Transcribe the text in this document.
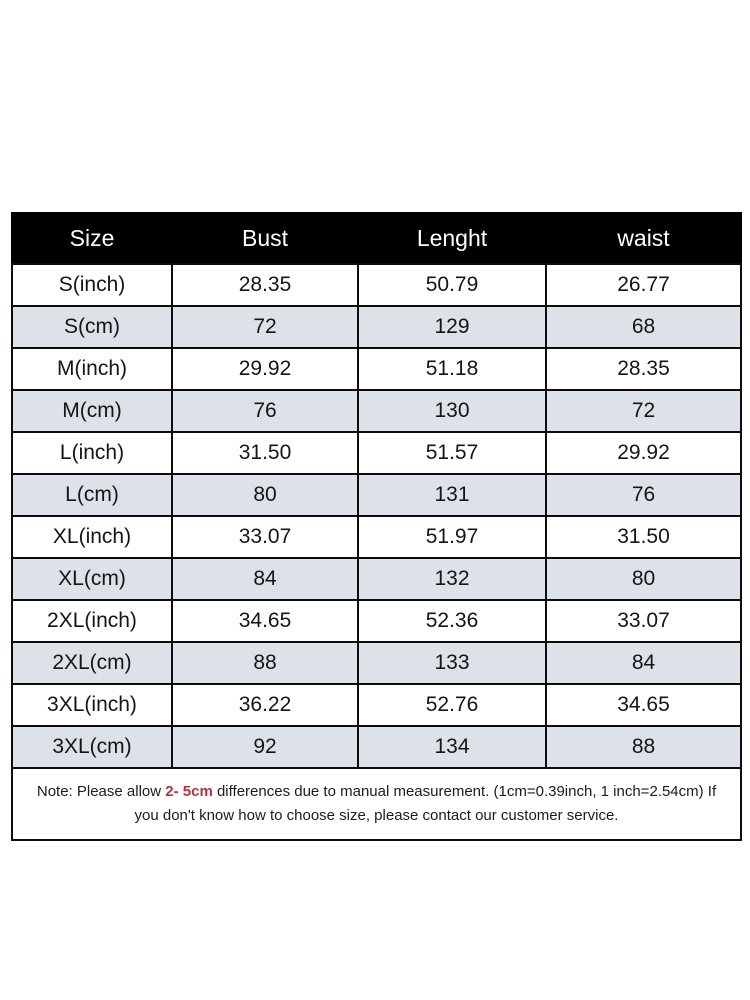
Size	Bust	Lenght	waist
S(inch)	28.35	50.79	26.77
S(cm)	72	129	68
M(inch)	29.92	51.18	28.35
M(cm)	76	130	72
L(inch)	31.50	51.57	29.92
L(cm)	80	131	76
XL(inch)	33.07	51.97	31.50
XL(cm)	84	132	80
2XL(inch)	34.65	52.36	33.07
2XL(cm)	88	133	84
3XL(inch)	36.22	52.76	34.65
3XL(cm)	92	134	88
Note: Please allow 2- 5cm differences due to manual measurement. (1cm=0.39inch, 1 inch=2.54cm) If you don't know how to choose size, please contact our customer service.			
